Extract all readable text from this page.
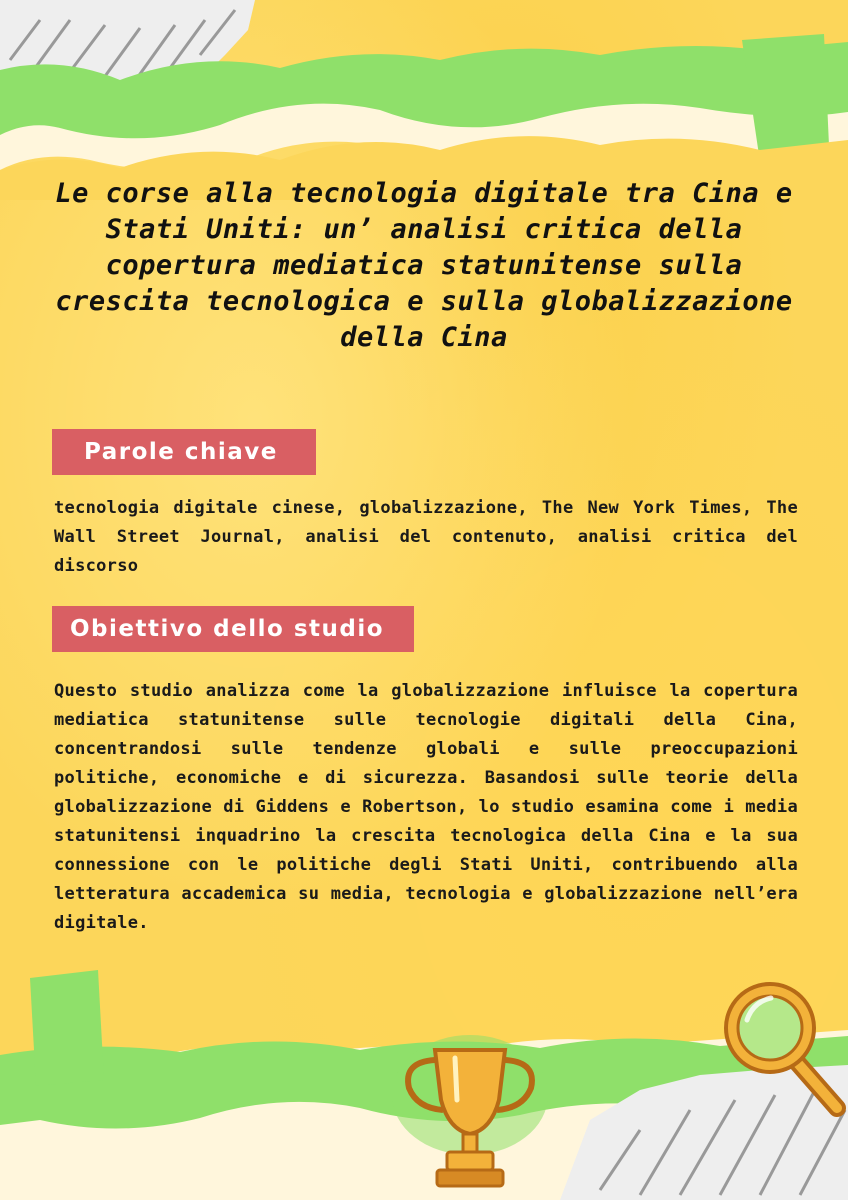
Le corse alla tecnologia digitale tra Cina e Stati Uniti: un’ analisi critica della copertura mediatica statunitense sulla crescita tecnologica e sulla globalizzazione della Cina
Parole chiave

tecnologia digitale cinese, globalizzazione, The New York Times, The Wall Street Journal, analisi del contenuto, analisi critica del discorso

Obiettivo dello studio

Questo studio analizza come la globalizzazione influisce la copertura mediatica statunitense sulle tecnologie digitali della Cina, concentrandosi sulle tendenze globali e sulle preoccupazioni politiche, economiche e di sicurezza. Basandosi sulle teorie della globalizzazione di Giddens e Robertson, lo studio esamina come i media statunitensi inquadrino la crescita tecnologica della Cina e la sua connessione con le politiche degli Stati Uniti, contribuendo alla letteratura accademica su media, tecnologia e globalizzazione nell’era digitale.
